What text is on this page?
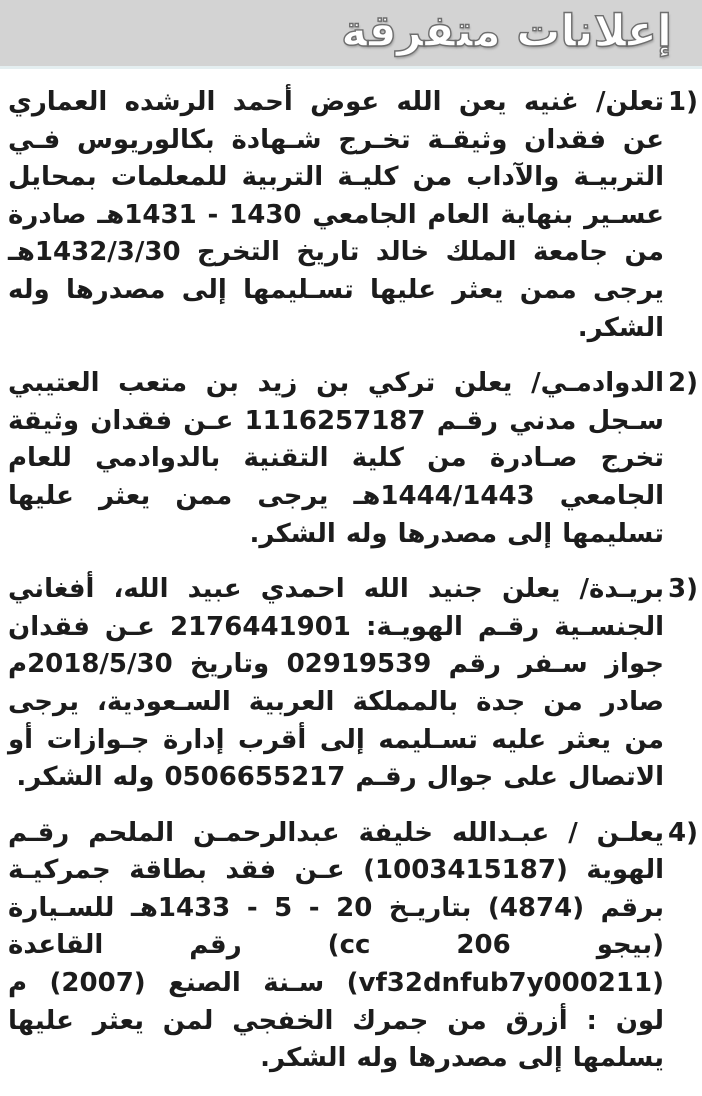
إعلانات متفرقة
1)
تعلن/ غنيه يعن الله عوض أحمد الرشده العماري عن فقدان وثيقـة تخـرج شـهادة بكالوريوس فـي التربيـة والآداب من كليـة التربية للمعلمات بمحايل عسـير بنهاية العام الجامعي 1430 - 1431هـ صادرة من جامعة الملك خالد تاريخ التخرج 1432/3/30هـ يرجى ممن يعثر عليها تسـليمها إلى مصدرها وله الشكر.
2)
الدوادمـي/ يعلن تركي بن زيد بن متعب العتيبي سـجل مدني رقـم 1116257187 عـن فقدان وثيقة تخرج صـادرة من كلية التقنية بالدوادمي للعام الجامعي 1444/1443هـ يرجى ممن يعثر عليها تسليمها إلى مصدرها وله الشكر.
3)
بريـدة/ يعلن جنيد الله احمدي عبيد الله، أفغاني الجنسـية رقـم الهويـة: 2176441901 عـن فقدان جواز سـفر رقم 02919539 وتاريخ 2018/5/30م صادر من جدة بالمملكة العربية السـعودية، يرجى من يعثر عليه تسـليمه إلى أقرب إدارة جـوازات أو الاتصال على جوال رقـم 0506655217 وله الشكر.
4)
يعلـن / عبـدالله خليفة عبدالرحمـن الملحم رقـم الهوية (1003415187) عـن فقد بطاقة جمركيـة برقم (4874) بتاريـخ 20 - 5 - 1433هـ للسـيارة (بيجو 206 cc) رقم القاعدة (vf32dnfub7y000211) سـنة الصنع (2007) م لون : أزرق من جمرك الخفجي لمن يعثر عليها يسلمها إلى مصدرها وله الشكر.
